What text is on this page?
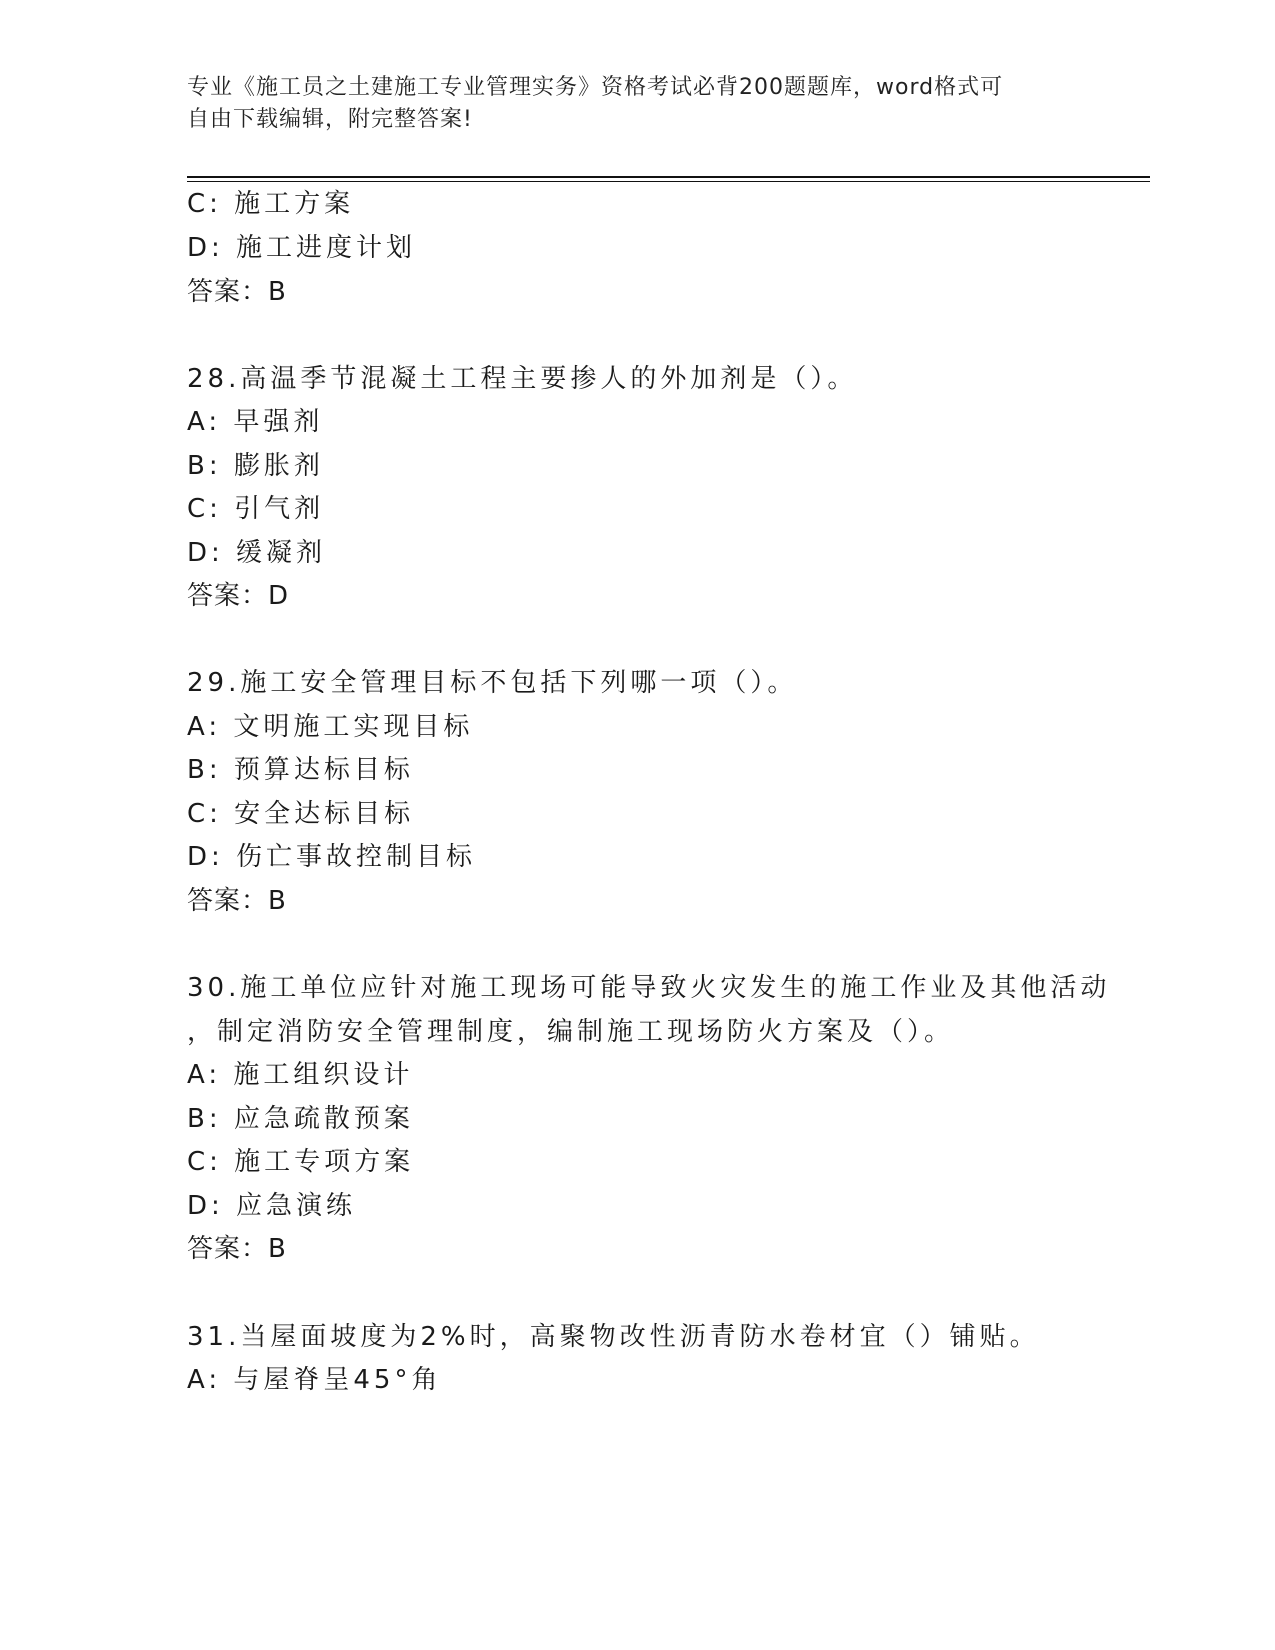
专业《施工员之土建施工专业管理实务》资格考试必背200题题库，word格式可
自由下载编辑，附完整答案!
C: 施工方案
D: 施工进度计划
答案：B
28.高温季节混凝土工程主要掺人的外加剂是（）。
A: 早强剂
B: 膨胀剂
C: 引气剂
D: 缓凝剂
答案：D
29.施工安全管理目标不包括下列哪一项（）。
A: 文明施工实现目标
B: 预算达标目标
C: 安全达标目标
D: 伤亡事故控制目标
答案：B
30.施工单位应针对施工现场可能导致火灾发生的施工作业及其他活动
，制定消防安全管理制度，编制施工现场防火方案及（）。
A: 施工组织设计
B: 应急疏散预案
C: 施工专项方案
D: 应急演练
答案：B
31.当屋面坡度为2%时，高聚物改性沥青防水卷材宜（）铺贴。
A: 与屋脊呈45°角
